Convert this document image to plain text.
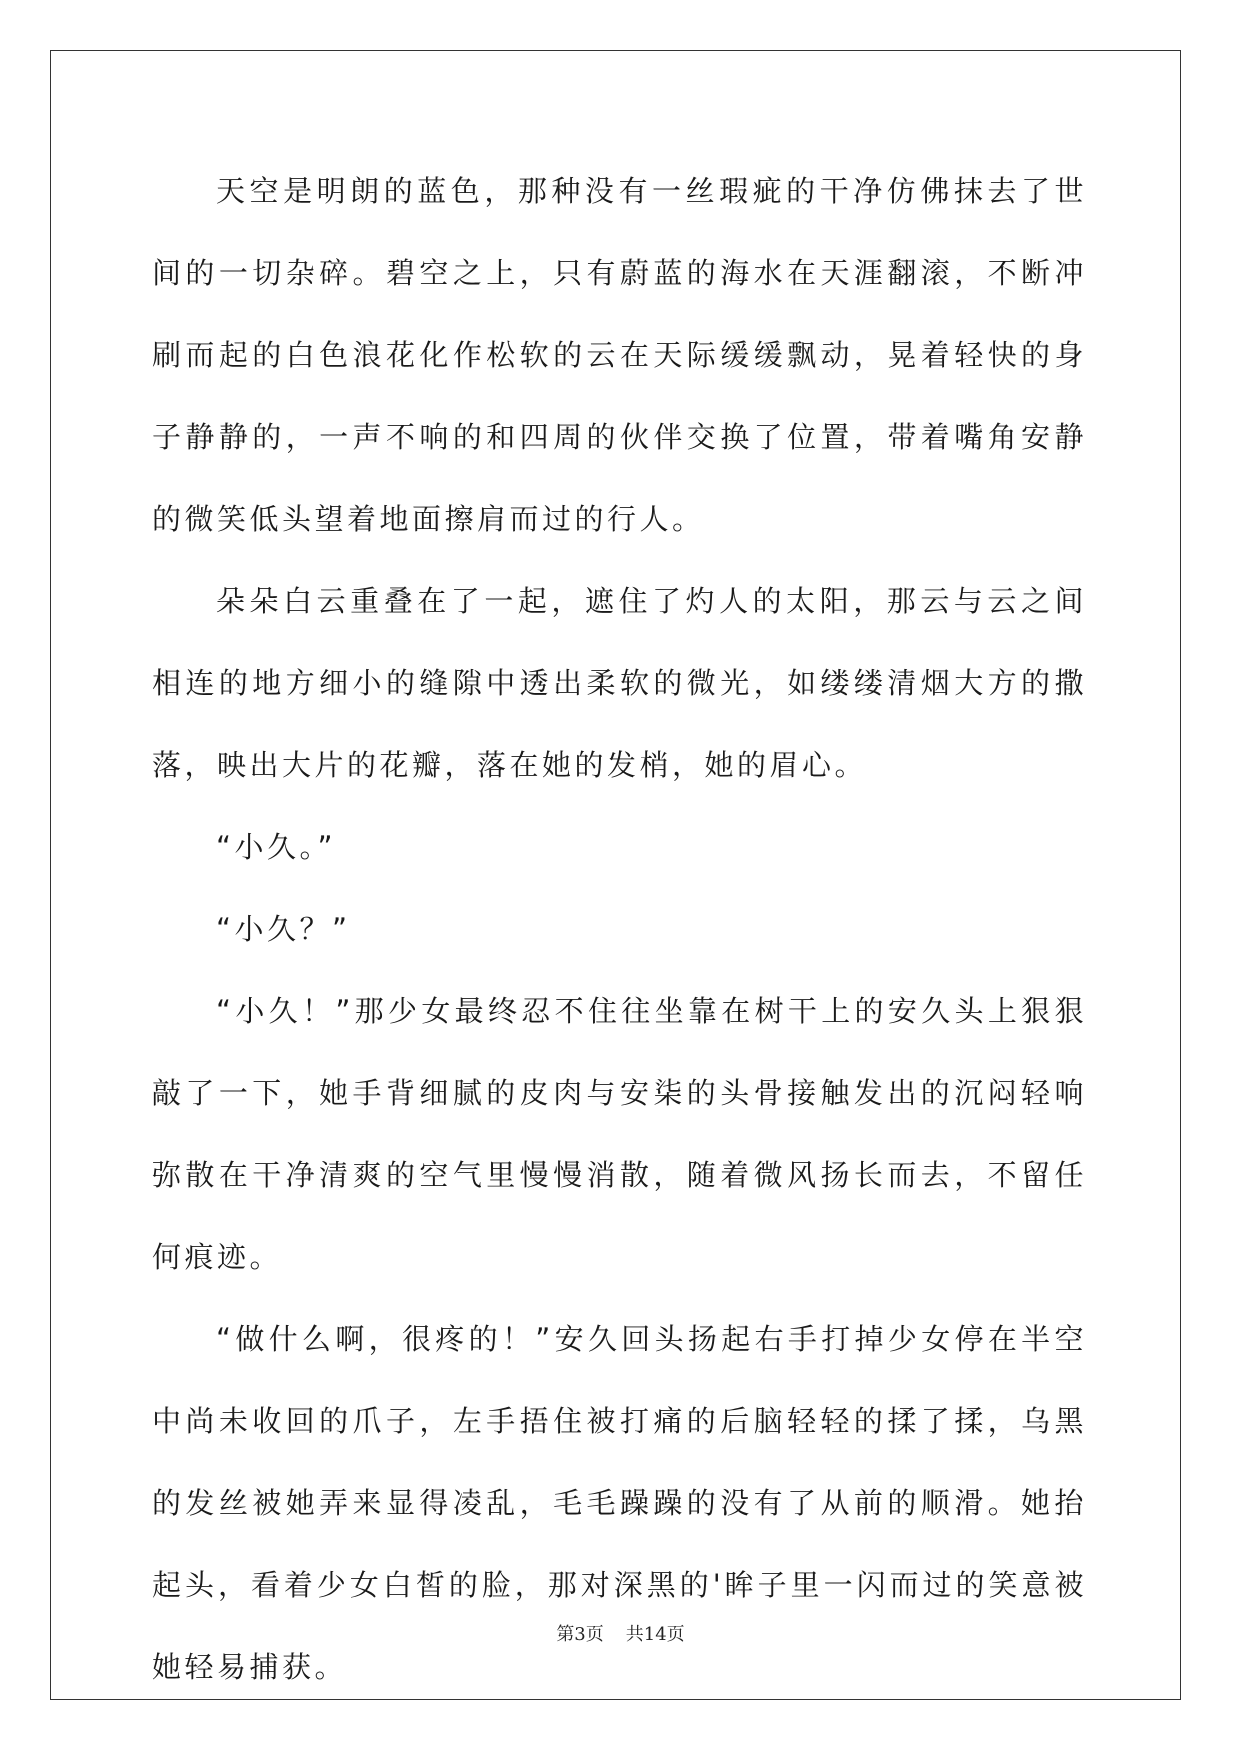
天空是明朗的蓝色，那种没有一丝瑕疵的干净仿佛抹去了世间的一切杂碎。碧空之上，只有蔚蓝的海水在天涯翻滚，不断冲刷而起的白色浪花化作松软的云在天际缓缓飘动，晃着轻快的身子静静的，一声不响的和四周的伙伴交换了位置，带着嘴角安静的微笑低头望着地面擦肩而过的行人。

朵朵白云重叠在了一起，遮住了灼人的太阳，那云与云之间相连的地方细小的缝隙中透出柔软的微光，如缕缕清烟大方的撒落，映出大片的花瓣，落在她的发梢，她的眉心。

“小久。”

“小久？”

“小久！”那少女最终忍不住往坐靠在树干上的安久头上狠狠敲了一下，她手背细腻的皮肉与安柒的头骨接触发出的沉闷轻响弥散在干净清爽的空气里慢慢消散，随着微风扬长而去，不留任何痕迹。

“做什么啊，很疼的！”安久回头扬起右手打掉少女停在半空中尚未收回的爪子，左手捂住被打痛的后脑轻轻的揉了揉，乌黑的发丝被她弄来显得凌乱，毛毛躁躁的没有了从前的顺滑。她抬起头，看着少女白皙的脸，那对深黑的'眸子里一闪而过的笑意被她轻易捕获。

第3页 共14页
